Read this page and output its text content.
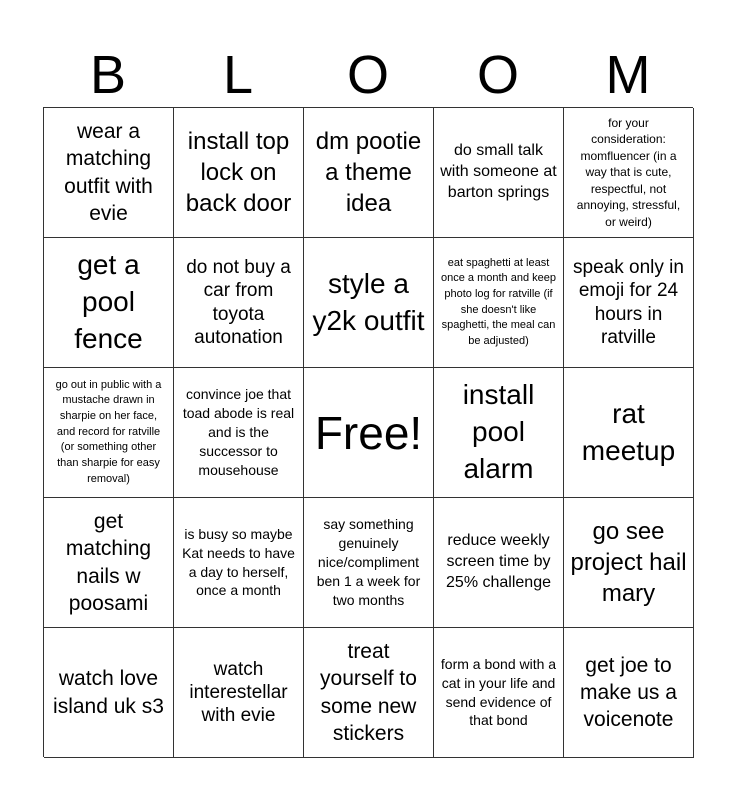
B	L	O	O	M
wear a matching outfit with evie
install top lock on back door
dm pootie a theme idea
do small talk with someone at barton springs
for your consideration: momfluencer (in a way that is cute, respectful, not annoying, stressful, or weird)
get a pool fence
do not buy a car from toyota autonation
style a y2k outfit
eat spaghetti at least once a month and keep photo log for ratville (if she doesn't like spaghetti, the meal can be adjusted)
speak only in emoji for 24 hours in ratville
go out in public with a mustache drawn in sharpie on her face, and record for ratville (or something other than sharpie for easy removal)
convince joe that toad abode is real and is the successor to mousehouse
Free!
install pool alarm
rat meetup
get matching nails w poosami
is busy so maybe Kat needs to have a day to herself, once a month
say something genuinely nice/compliment ben 1 a week for two months
reduce weekly screen time by 25% challenge
go see project hail mary
watch love island uk s3
watch interestellar with evie
treat yourself to some new stickers
form a bond with a cat in your life and send evidence of that bond
get joe to make us a voicenote
